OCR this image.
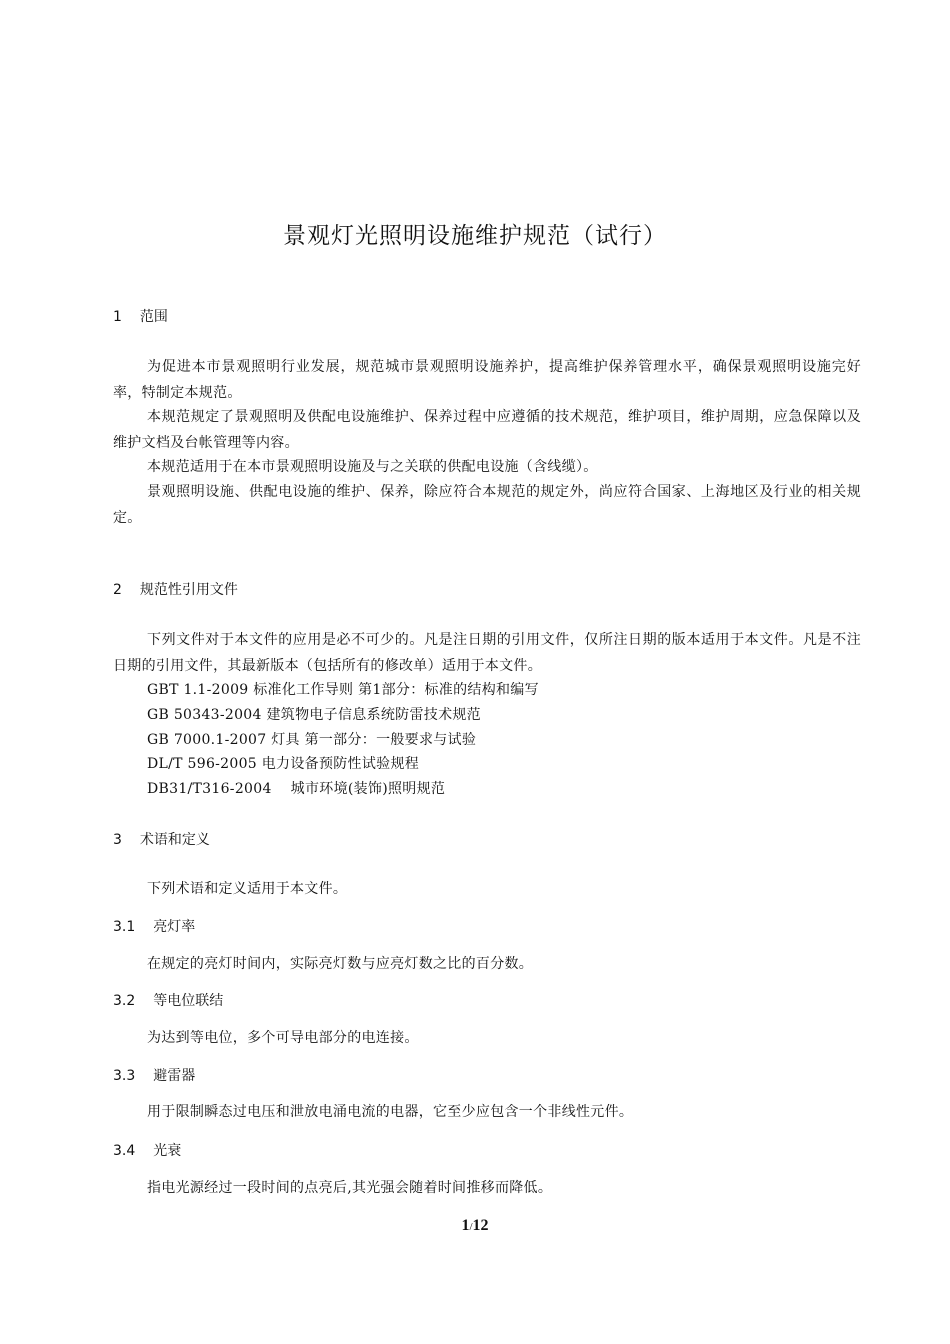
景观灯光照明设施维护规范（试行）
1 范围
为促进本市景观照明行业发展，规范城市景观照明设施养护，提高维护保养管理水平，确保景观照明设施完好率，特制定本规范。
本规范规定了景观照明及供配电设施维护、保养过程中应遵循的技术规范，维护项目，维护周期，应急保障以及维护文档及台帐管理等内容。
本规范适用于在本市景观照明设施及与之关联的供配电设施（含线缆）。
景观照明设施、供配电设施的维护、保养，除应符合本规范的规定外，尚应符合国家、上海地区及行业的相关规定。
2 规范性引用文件
下列文件对于本文件的应用是必不可少的。凡是注日期的引用文件，仅所注日期的版本适用于本文件。凡是不注日期的引用文件，其最新版本（包括所有的修改单）适用于本文件。
GBT 1.1-2009 标准化工作导则 第1部分：标准的结构和编写
GB 50343-2004 建筑物电子信息系统防雷技术规范
GB 7000.1-2007 灯具 第一部分：一般要求与试验
DL/T 596-2005 电力设备预防性试验规程
DB31/T316-2004    城市环境(装饰)照明规范
3 术语和定义
下列术语和定义适用于本文件。
3.1 亮灯率
在规定的亮灯时间内，实际亮灯数与应亮灯数之比的百分数。
3.2 等电位联结
为达到等电位，多个可导电部分的电连接。
3.3 避雷器
用于限制瞬态过电压和泄放电涌电流的电器，它至少应包含一个非线性元件。
3.4 光衰
指电光源经过一段时间的点亮后,其光强会随着时间推移而降低。
1/12
